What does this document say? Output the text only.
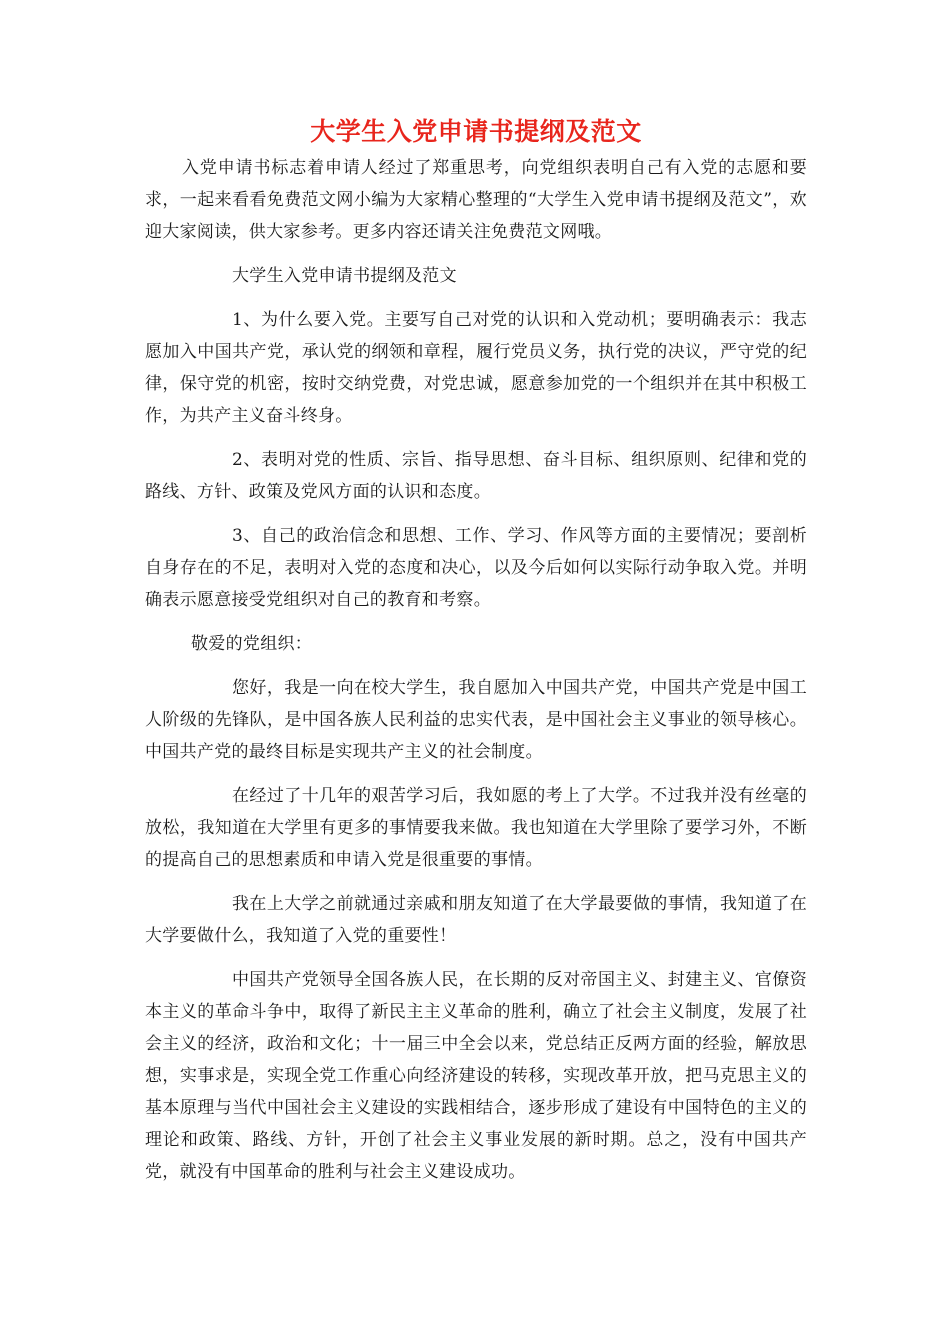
大学生入党申请书提纲及范文

入党申请书标志着申请人经过了郑重思考，向党组织表明自己有入党的志愿和要求，一起来看看免费范文网小编为大家精心整理的“大学生入党申请书提纲及范文”，欢迎大家阅读，供大家参考。更多内容还请关注免费范文网哦。

大学生入党申请书提纲及范文

1、为什么要入党。主要写自己对党的认识和入党动机；要明确表示：我志愿加入中国共产党，承认党的纲领和章程，履行党员义务，执行党的决议，严守党的纪律，保守党的机密，按时交纳党费，对党忠诚，愿意参加党的一个组织并在其中积极工作，为共产主义奋斗终身。

2、表明对党的性质、宗旨、指导思想、奋斗目标、组织原则、纪律和党的路线、方针、政策及党风方面的认识和态度。

3、自己的政治信念和思想、工作、学习、作风等方面的主要情况；要剖析自身存在的不足，表明对入党的态度和决心，以及今后如何以实际行动争取入党。并明确表示愿意接受党组织对自己的教育和考察。

敬爱的党组织：

您好，我是一向在校大学生，我自愿加入中国共产党，中国共产党是中国工人阶级的先锋队，是中国各族人民利益的忠实代表，是中国社会主义事业的领导核心。中国共产党的最终目标是实现共产主义的社会制度。

在经过了十几年的艰苦学习后，我如愿的考上了大学。不过我并没有丝毫的放松，我知道在大学里有更多的事情要我来做。我也知道在大学里除了要学习外，不断的提高自己的思想素质和申请入党是很重要的事情。

我在上大学之前就通过亲戚和朋友知道了在大学最要做的事情，我知道了在大学要做什么，我知道了入党的重要性！

中国共产党领导全国各族人民，在长期的反对帝国主义、封建主义、官僚资本主义的革命斗争中，取得了新民主主义革命的胜利，确立了社会主义制度，发展了社会主义的经济，政治和文化；十一届三中全会以来，党总结正反两方面的经验，解放思想，实事求是，实现全党工作重心向经济建设的转移，实现改革开放，把马克思主义的基本原理与当代中国社会主义建设的实践相结合，逐步形成了建设有中国特色的主义的理论和政策、路线、方针，开创了社会主义事业发展的新时期。总之，没有中国共产党，就没有中国革命的胜利与社会主义建设成功。
